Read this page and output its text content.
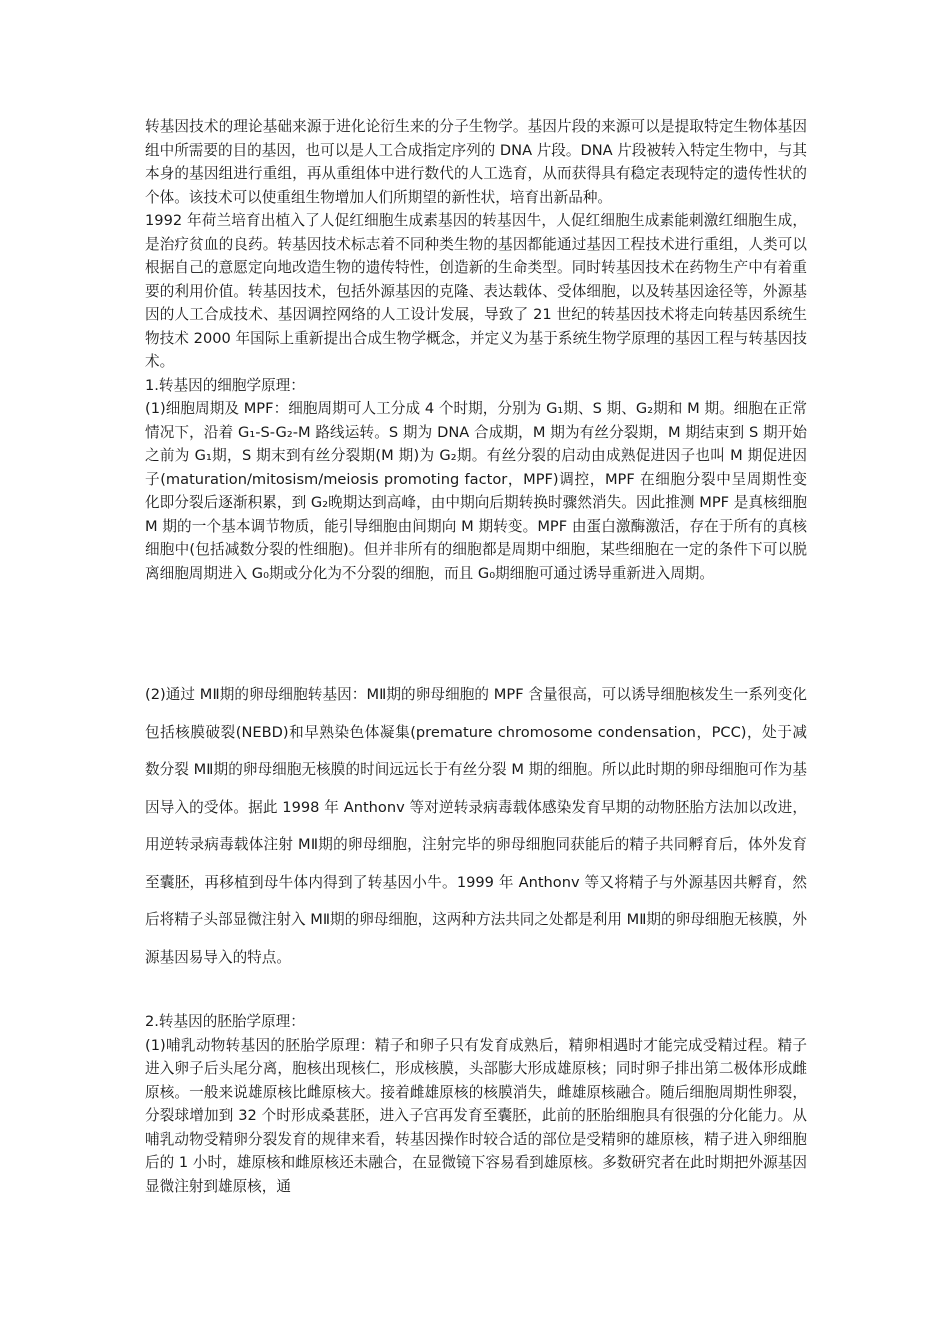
转基因技术的理论基础来源于进化论衍生来的分子生物学。基因片段的来源可以是提取特定生物体基因组中所需要的目的基因，也可以是人工合成指定序列的 DNA 片段。DNA 片段被转入特定生物中，与其本身的基因组进行重组，再从重组体中进行数代的人工选育，从而获得具有稳定表现特定的遗传性状的个体。该技术可以使重组生物增加人们所期望的新性状，培育出新品种。

1992 年荷兰培育出植入了人促红细胞生成素基因的转基因牛，人促红细胞生成素能刺激红细胞生成，是治疗贫血的良药。转基因技术标志着不同种类生物的基因都能通过基因工程技术进行重组，人类可以根据自己的意愿定向地改造生物的遗传特性，创造新的生命类型。同时转基因技术在药物生产中有着重要的利用价值。转基因技术，包括外源基因的克隆、表达载体、受体细胞，以及转基因途径等，外源基因的人工合成技术、基因调控网络的人工设计发展，导致了 21 世纪的转基因技术将走向转基因系统生物技术 2000 年国际上重新提出合成生物学概念，并定义为基于系统生物学原理的基因工程与转基因技术。

1.转基因的细胞学原理：

(1)细胞周期及 MPF：细胞周期可人工分成 4 个时期，分别为 G₁期、S 期、G₂期和 M 期。细胞在正常情况下，沿着 G₁-S-G₂-M 路线运转。S 期为 DNA 合成期，M 期为有丝分裂期，M 期结束到 S 期开始之前为 G₁期，S 期末到有丝分裂期(M 期)为 G₂期。有丝分裂的启动由成熟促进因子也叫 M 期促进因子(maturation/mitosism/meiosis promoting factor，MPF)调控，MPF 在细胞分裂中呈周期性变化即分裂后逐渐积累，到 G₂晚期达到高峰，由中期向后期转换时骤然消失。因此推测 MPF 是真核细胞 M 期的一个基本调节物质，能引导细胞由间期向 M 期转变。MPF 由蛋白激酶激活，存在于所有的真核细胞中(包括减数分裂的性细胞)。但并非所有的细胞都是周期中细胞，某些细胞在一定的条件下可以脱离细胞周期进入 G₀期或分化为不分裂的细胞，而且 G₀期细胞可通过诱导重新进入周期。

(2)通过 MⅡ期的卵母细胞转基因：MⅡ期的卵母细胞的 MPF 含量很高，可以诱导细胞核发生一系列变化包括核膜破裂(NEBD)和早熟染色体凝集(premature chromosome condensation，PCC)，处于减数分裂 MⅡ期的卵母细胞无核膜的时间远远长于有丝分裂 M 期的细胞。所以此时期的卵母细胞可作为基因导入的受体。据此 1998 年 Anthonv 等对逆转录病毒载体感染发育早期的动物胚胎方法加以改进，用逆转录病毒载体注射 MⅡ期的卵母细胞，注射完毕的卵母细胞同获能后的精子共同孵育后，体外发育至囊胚，再移植到母牛体内得到了转基因小牛。1999 年 Anthonv 等又将精子与外源基因共孵育，然后将精子头部显微注射入 MⅡ期的卵母细胞，这两种方法共同之处都是利用 MⅡ期的卵母细胞无核膜，外源基因易导入的特点。

2.转基因的胚胎学原理：

(1)哺乳动物转基因的胚胎学原理：精子和卵子只有发育成熟后，精卵相遇时才能完成受精过程。精子进入卵子后头尾分离，胞核出现核仁，形成核膜，头部膨大形成雄原核；同时卵子排出第二极体形成雌原核。一般来说雄原核比雌原核大。接着雌雄原核的核膜消失，雌雄原核融合。随后细胞周期性卵裂，分裂球增加到 32 个时形成桑葚胚，进入子宫再发育至囊胚，此前的胚胎细胞具有很强的分化能力。从哺乳动物受精卵分裂发育的规律来看，转基因操作时较合适的部位是受精卵的雄原核，精子进入卵细胞后的 1 小时，雄原核和雌原核还未融合，在显微镜下容易看到雄原核。多数研究者在此时期把外源基因显微注射到雄原核，通
